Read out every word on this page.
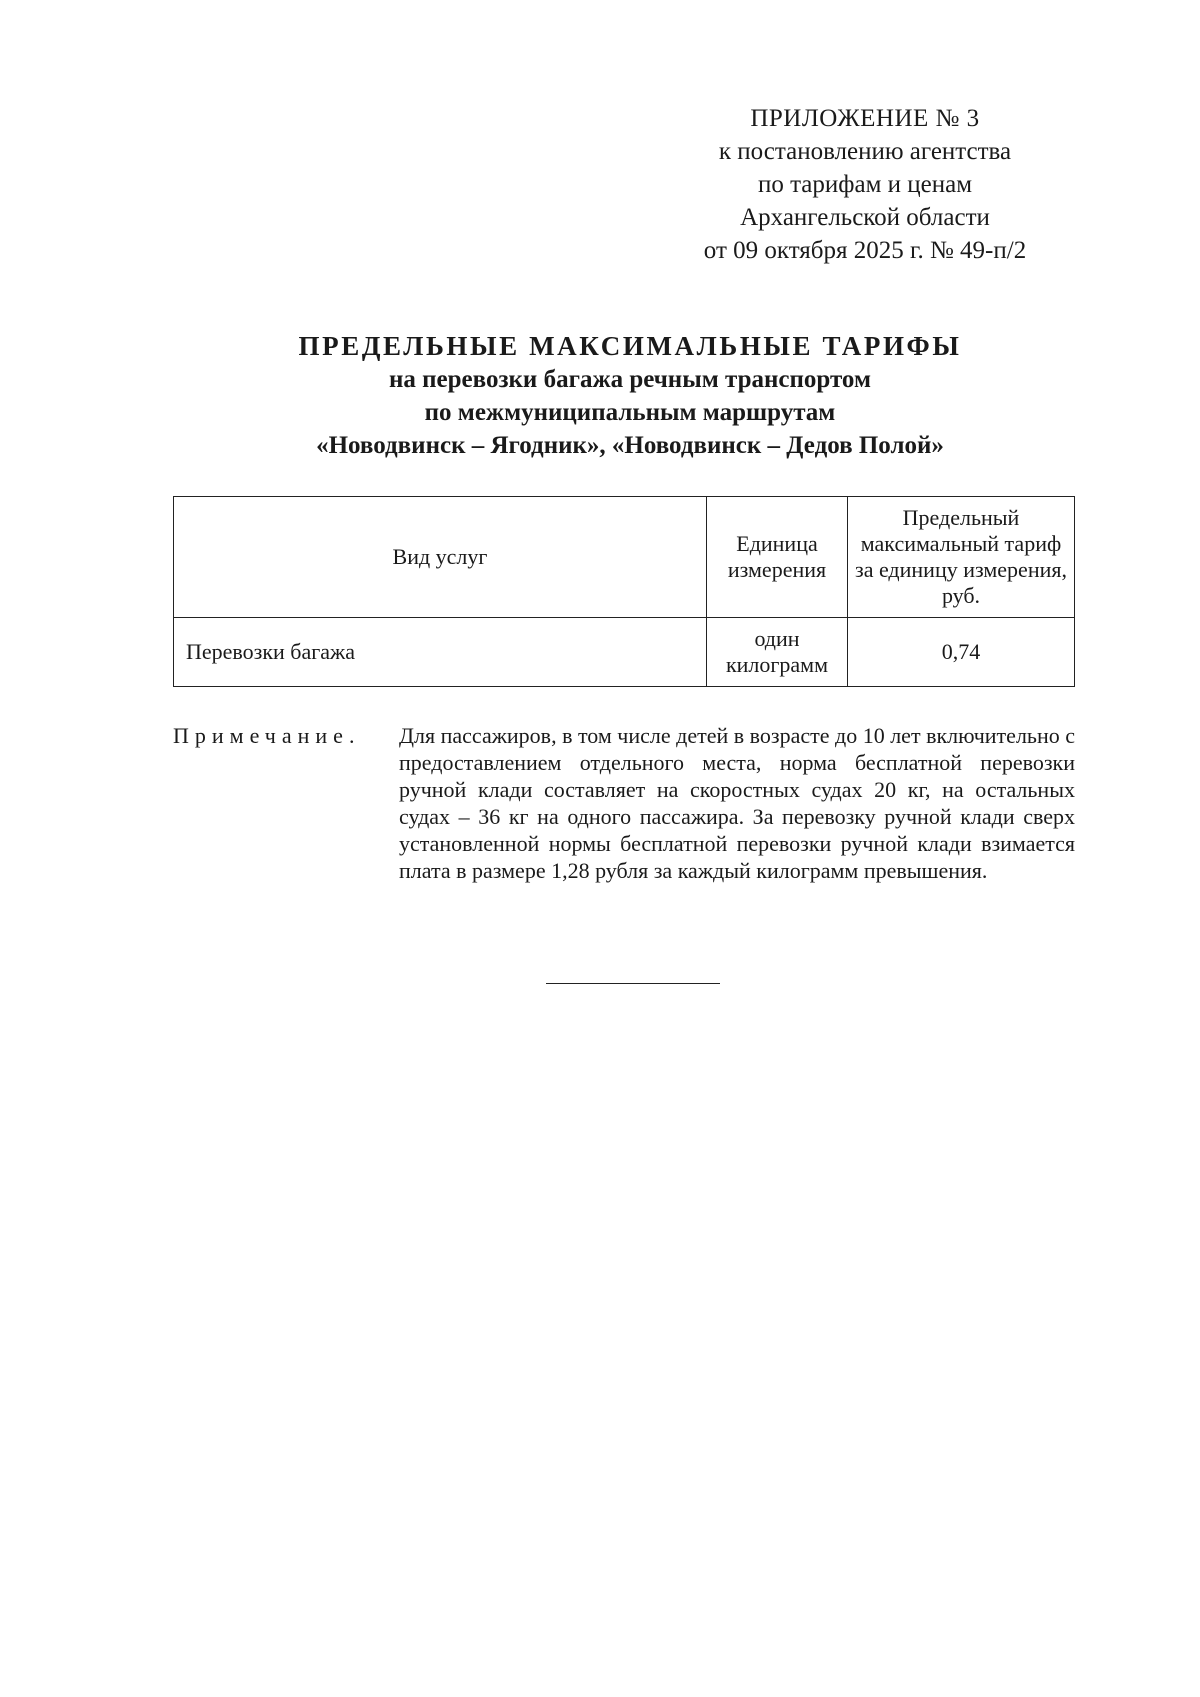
ПРИЛОЖЕНИЕ № 3
к постановлению агентства
по тарифам и ценам
Архангельской области
от 09 октября 2025 г. № 49-п/2
ПРЕДЕЛЬНЫЕ МАКСИМАЛЬНЫЕ ТАРИФЫ
на перевозки багажа речным транспортом
по межмуниципальным маршрутам
«Новодвинск – Ягодник», «Новодвинск – Дедов Полой»
Вид услуг	Единица измерения	Предельный максимальный тариф за единицу измерения, руб.
Перевозки багажа	один килограмм	0,74
Примечание. Для пассажиров, в том числе детей в возрасте до 10 лет включительно с предоставлением отдельного места, норма бесплатной перевозки ручной клади составляет на скоростных судах 20 кг, на остальных судах – 36 кг на одного пассажира. За перевозку ручной клади сверх установленной нормы бесплатной перевозки ручной клади взимается плата в размере 1,28 рубля за каждый килограмм превышения.
